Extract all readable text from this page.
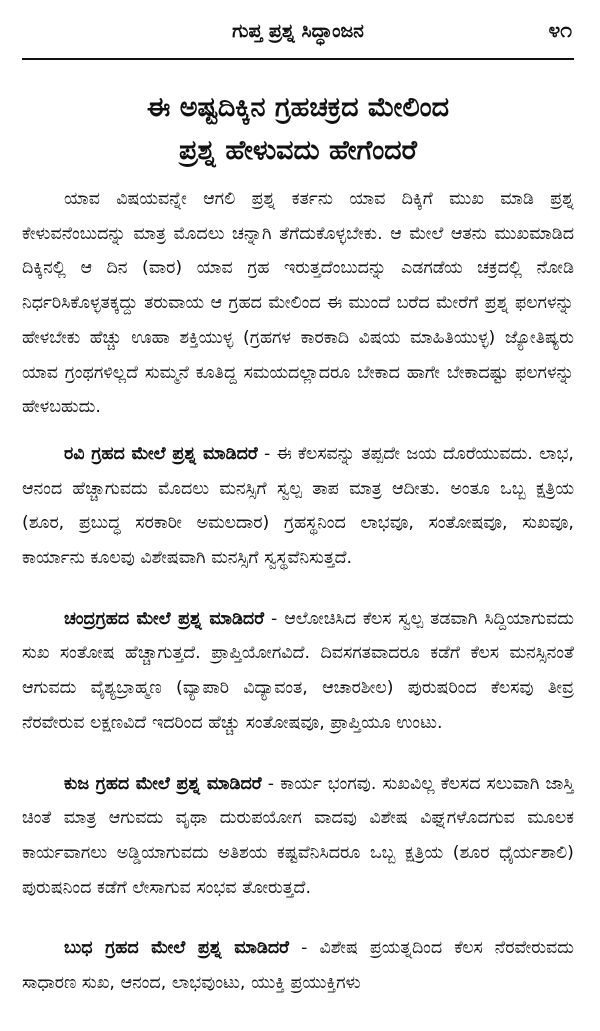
ಗುಪ್ತ ಪ್ರಶ್ನ ಸಿದ್ಧಾಂಜನ	೪೧
ಈ ಅಷ್ಟದಿಕ್ಕಿನ ಗ್ರಹಚಕ್ರದ ಮೇಲಿಂದ
ಪ್ರಶ್ನ ಹೇಳುವದು ಹೇಗೆಂದರೆ

ಯಾವ ವಿಷಯವನ್ನೇ ಆಗಲಿ ಪ್ರಶ್ನ ಕರ್ತನು ಯಾವ ದಿಕ್ಕಿಗೆ ಮುಖ ಮಾಡಿ ಪ್ರಶ್ನ ಕೇಳುವನೆಂಬುದನ್ನು ಮಾತ್ರ ಮೊದಲು ಚನ್ನಾಗಿ ತೆಗೆದುಕೊಳ್ಳಬೇಕು. ಆ ಮೇಲೆ ಆತನು ಮುಖಮಾಡಿದ ದಿಕ್ಕಿನಲ್ಲಿ ಆ ದಿನ (ವಾರ) ಯಾವ ಗ್ರಹ ಇರುತ್ತದೆಂಬುದನ್ನು ಎಡಗಡೆಯ ಚಕ್ರದಲ್ಲಿ ನೋಡಿ ನಿರ್ಧರಿಸಿಕೊಳ್ಳತಕ್ಕದ್ದು ತರುವಾಯ ಆ ಗ್ರಹದ ಮೇಲಿಂದ ಈ ಮುಂದೆ ಬರೆದ ಮೇರೆಗೆ ಪ್ರಶ್ನ ಫಲಗಳನ್ನು ಹೇಳಬೇಕು ಹೆಚ್ಚು ಊಹಾ ಶಕ್ತಿಯುಳ್ಳ (ಗ್ರಹಗಳ ಕಾರಕಾದಿ ವಿಷಯ ಮಾಹಿತಿಯುಳ್ಳ) ಜ್ಯೋತಿಷ್ಯರು ಯಾವ ಗ್ರಂಥಗಳಿಲ್ಲದೆ ಸುಮ್ಮನೆ ಕೂತಿದ್ದ ಸಮಯದಲ್ಲಾದರೂ ಬೇಕಾದ ಹಾಗೇ ಬೇಕಾದಷ್ಟು ಫಲಗಳನ್ನು ಹೇಳಬಹುದು.

ರವಿ ಗ್ರಹದ ಮೇಲೆ ಪ್ರಶ್ನ ಮಾಡಿದರೆ - ಈ ಕೆಲಸವನ್ನು ತಪ್ಪದೇ ಜಯ ದೊರೆಯುವದು. ಲಾಭ, ಆನಂದ ಹೆಚ್ಚಾಗುವದು ಮೊದಲು ಮನಸ್ಸಿಗೆ ಸ್ವಲ್ಪ ತಾಪ ಮಾತ್ರ ಆದೀತು. ಅಂತೂ ಒಬ್ಬ ಕ್ಷತ್ರಿಯ (ಶೂರ, ಪ್ರಬುದ್ಧ ಸರಕಾರೀ ಅಮಲದಾರ) ಗ್ರಹಸ್ಥನಿಂದ ಲಾಭವೂ, ಸಂತೋಷವೂ, ಸುಖವೂ, ಕಾರ್ಯಾನು ಕೂಲವು ವಿಶೇಷವಾಗಿ ಮನಸ್ಸಿಗೆ ಸ್ವಸ್ಥವೆನಿಸುತ್ತದೆ.

ಚಂದ್ರಗ್ರಹದ ಮೇಲೆ ಪ್ರಶ್ನ ಮಾಡಿದರೆ - ಆಲೋಚಿಸಿದ ಕೆಲಸ ಸ್ವಲ್ಪ ತಡವಾಗಿ ಸಿದ್ದಿಯಾಗುವದು ಸುಖ ಸಂತೋಷ ಹೆಚ್ಚಾಗುತ್ತದೆ. ಪ್ರಾಪ್ತಿಯೋಗವಿದೆ. ದಿವಸಗತವಾದರೂ ಕಡೆಗೆ ಕೆಲಸ ಮನಸ್ಸಿನಂತೆ ಆಗುವದು ವೈಶ್ಯಬ್ರಾಹ್ಮಣ (ವ್ಯಾಪಾರಿ ವಿದ್ಯಾವಂತ, ಆಚಾರಶೀಲ) ಪುರುಷರಿಂದ ಕೆಲಸವು ತೀವ್ರ ನೆರವೇರುವ ಲಕ್ಷಣವಿದೆ ಇದರಿಂದ ಹೆಚ್ಚು ಸಂತೋಷವೂ, ಪ್ರಾಪ್ತಿಯೂ ಉಂಟು.

ಕುಜ ಗ್ರಹದ ಮೇಲೆ ಪ್ರಶ್ನ ಮಾಡಿದರೆ - ಕಾರ್ಯ ಭಂಗವು. ಸುಖವಿಲ್ಲ ಕೆಲಸದ ಸಲುವಾಗಿ ಜಾಸ್ತಿ ಚಿಂತೆ ಮಾತ್ರ ಆಗುವದು ವೃಥಾ ದುರುಪಯೋಗ ವಾದವು ವಿಶೇಷ ವಿಘ್ನಗಳೊದಗುವ ಮೂಲಕ ಕಾರ್ಯವಾಗಲು ಅಡ್ಡಿಯಾಗುವದು ಅತಿಶಯ ಕಷ್ಟವೆನಿಸಿದರೂ ಒಬ್ಬ ಕ್ಷತ್ರಿಯ (ಶೂರ ಧೈರ್ಯಶಾಲಿ) ಪುರುಷನಿಂದ ಕಡೆಗೆ ಲೇಸಾಗುವ ಸಂಭವ ತೋರುತ್ತದೆ.

ಬುಧ ಗ್ರಹದ ಮೇಲೆ ಪ್ರಶ್ನ ಮಾಡಿದರೆ - ವಿಶೇಷ ಪ್ರಯತ್ನದಿಂದ ಕೆಲಸ ನೆರವೇರುವದು ಸಾಧಾರಣ ಸುಖ, ಆನಂದ, ಲಾಭವುಂಟು, ಯುಕ್ತಿ ಪ್ರಯುಕ್ತಿಗಳು
